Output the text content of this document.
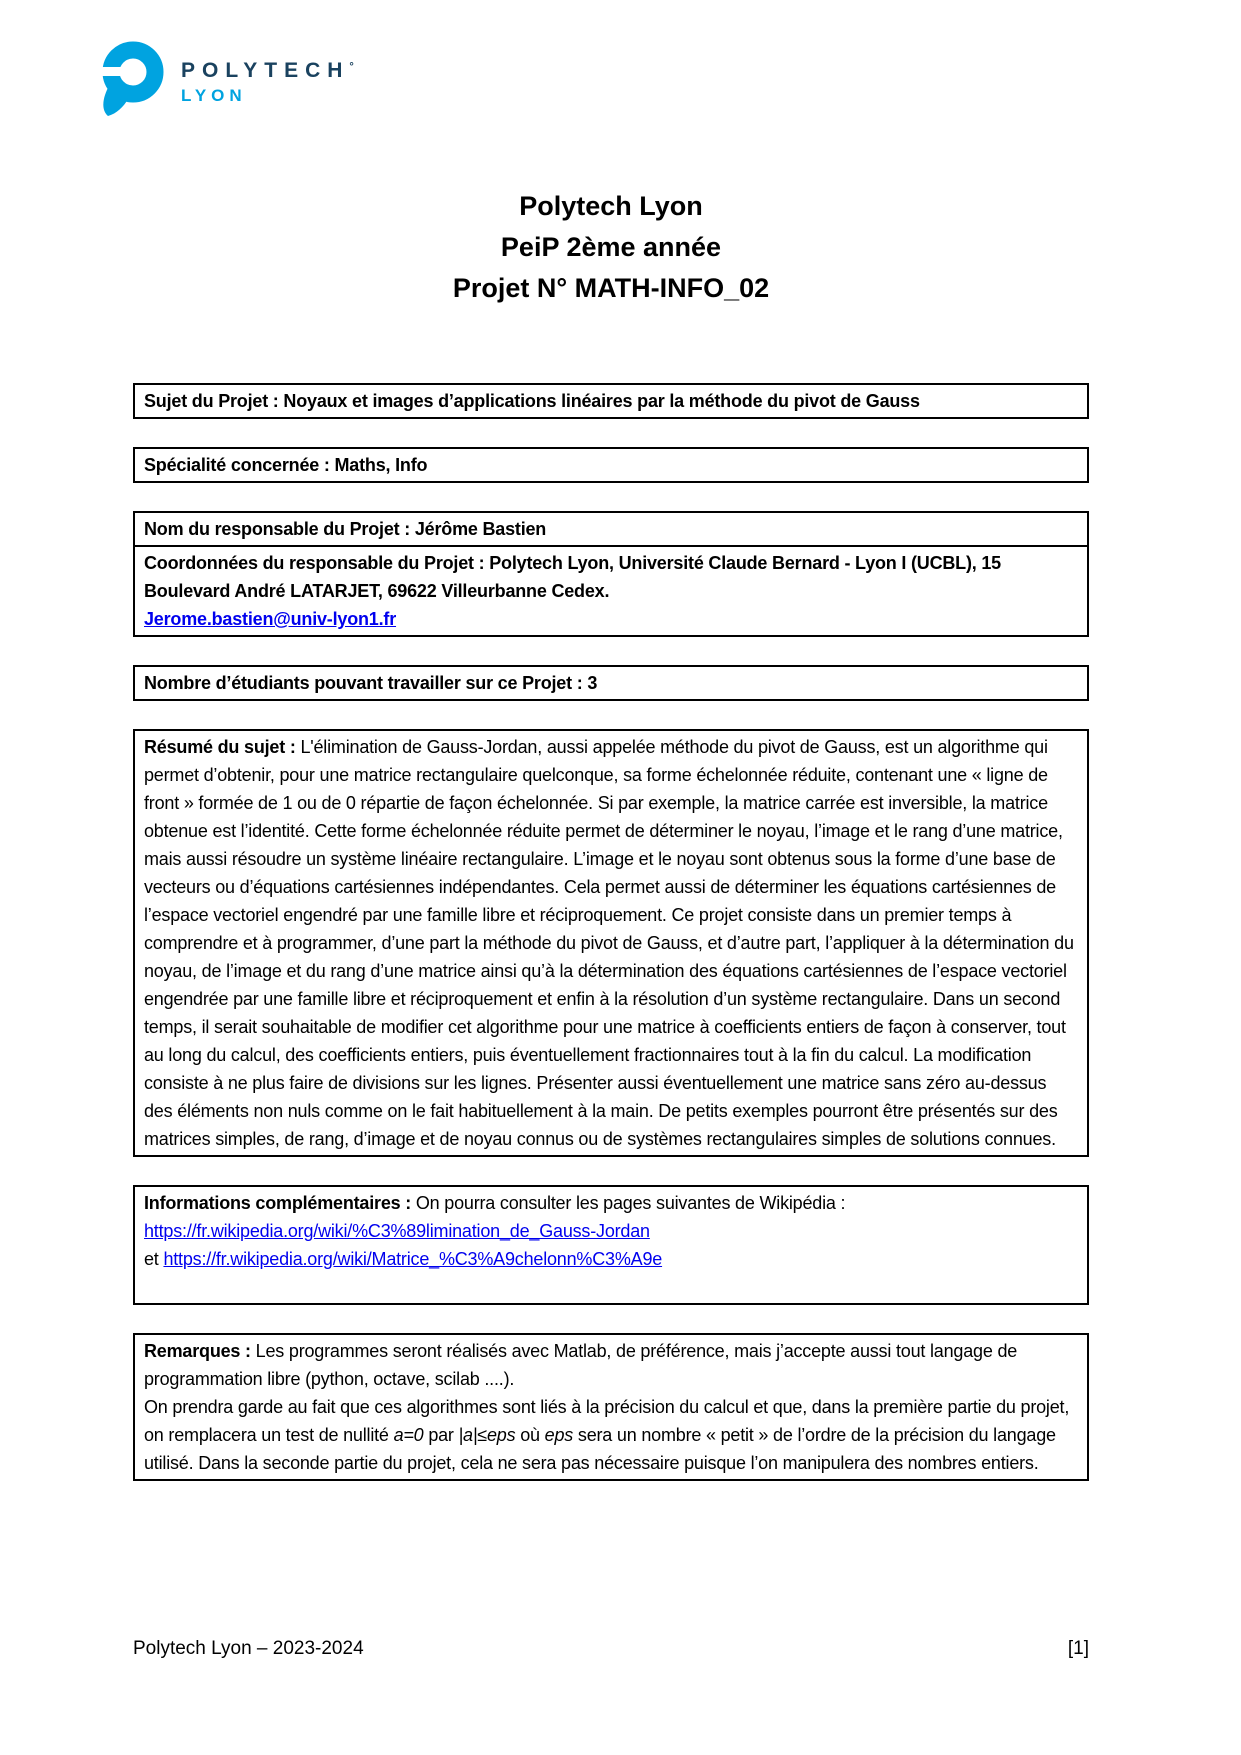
POLYTECH°
LYON
Polytech Lyon
PeiP 2ème année
Projet N° MATH-INFO_02
Sujet du Projet : Noyaux et images d’applications linéaires par la méthode du pivot de Gauss
Spécialité concernée : Maths, Info
Nom du responsable du Projet : Jérôme Bastien
Coordonnées du responsable du Projet : Polytech Lyon, Université Claude Bernard - Lyon I (UCBL), 15 Boulevard André LATARJET, 69622 Villeurbanne Cedex.
Jerome.bastien@univ-lyon1.fr
Nombre d’étudiants pouvant travailler sur ce Projet : 3
Résumé du sujet : L'élimination de Gauss-Jordan, aussi appelée méthode du pivot de Gauss, est un algorithme qui permet d’obtenir, pour une matrice rectangulaire quelconque, sa forme échelonnée réduite, contenant une « ligne de front » formée de 1 ou de 0 répartie de façon échelonnée. Si par exemple, la matrice carrée est inversible, la matrice obtenue est l’identité. Cette forme échelonnée réduite permet de déterminer le noyau, l’image et le rang d’une matrice, mais aussi résoudre un système linéaire rectangulaire. L’image et le noyau sont obtenus sous la forme d’une base de vecteurs ou d’équations cartésiennes indépendantes. Cela permet aussi de déterminer les équations cartésiennes de l’espace vectoriel engendré par une famille libre et réciproquement. Ce projet consiste dans un premier temps à comprendre et à programmer, d’une part la méthode du pivot de Gauss, et d’autre part, l’appliquer à la détermination du noyau, de l’image et du rang d’une matrice ainsi qu’à la détermination des équations cartésiennes de l’espace vectoriel engendrée par une famille libre et réciproquement et enfin à la résolution d’un système rectangulaire. Dans un second temps, il serait souhaitable de modifier cet algorithme pour une matrice à coefficients entiers de façon à conserver, tout au long du calcul, des coefficients entiers, puis éventuellement fractionnaires tout à la fin du calcul. La modification consiste à ne plus faire de divisions sur les lignes. Présenter aussi éventuellement une matrice sans zéro au-dessus des éléments non nuls comme on le fait habituellement à la main. De petits exemples pourront être présentés sur des matrices simples, de rang, d’image et de noyau connus ou de systèmes rectangulaires simples de solutions connues.
Informations complémentaires : On pourra consulter les pages suivantes de Wikipédia :
https://fr.wikipedia.org/wiki/%C3%89limination_de_Gauss-Jordan
et https://fr.wikipedia.org/wiki/Matrice_%C3%A9chelonn%C3%A9e
Remarques : Les programmes seront réalisés avec Matlab, de préférence, mais j’accepte aussi tout langage de programmation libre (python, octave, scilab ....).
On prendra garde au fait que ces algorithmes sont liés à la précision du calcul et que, dans la première partie du projet, on remplacera un test de nullité a=0 par |a|≤eps où eps sera un nombre « petit » de l’ordre de la précision du langage utilisé. Dans la seconde partie du projet, cela ne sera pas nécessaire puisque l’on manipulera des nombres entiers.
Polytech Lyon – 2023-2024	[1]
